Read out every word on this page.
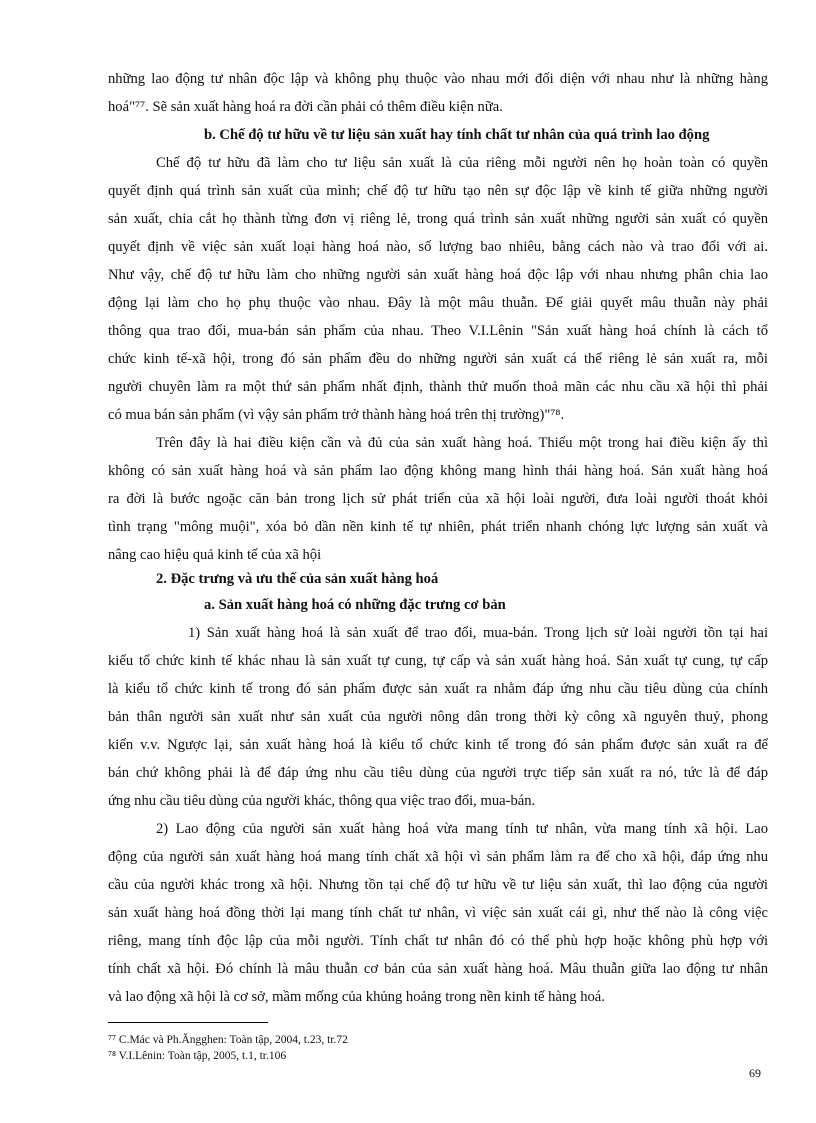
những lao động tư nhân độc lập và không phụ thuộc vào nhau mới đối diện với nhau như là những hàng
hoá"⁷⁷. Sẽ sản xuất hàng hoá ra đời cần phải có thêm điều kiện nữa.
b. Chế độ tư hữu về tư liệu sản xuất hay tính chất tư nhân của quá trình lao động
Chế độ tư hữu đã làm cho tư liệu sản xuất là của riêng mỗi người nên họ hoàn toàn có quyền
quyết định quá trình sản xuất của mình; chế độ tư hữu tạo nên sự độc lập về kinh tế giữa những người
sản xuất, chia cắt họ thành từng đơn vị riêng lẻ, trong quá trình sản xuất những người sản xuất có quyền
quyết định về việc sản xuất loại hàng hoá nào, số lượng bao nhiêu, bằng cách nào và trao đổi với ai.
Như vậy, chế độ tư hữu làm cho những người sản xuất hàng hoá độc lập với nhau nhưng phân chia lao
động lại làm cho họ phụ thuộc vào nhau. Đây là một mâu thuẫn. Để giải quyết mâu thuẫn này phải
thông qua trao đổi, mua-bán sản phẩm của nhau. Theo V.I.Lênin "Sản xuất hàng hoá chính là cách tổ
chức kinh tế-xã hội, trong đó sản phẩm đều do những người sản xuất cá thể riêng lẻ sản xuất ra, mỗi
người chuyên làm ra một thứ sản phẩm nhất định, thành thử muốn thoả mãn các nhu cầu xã hội thì phải
có mua bán sản phẩm (vì vậy sản phẩm trở thành hàng hoá trên thị trường)"⁷⁸.
Trên đây là hai điều kiện cần và đủ của sản xuất hàng hoá. Thiếu một trong hai điều kiện ấy thì
không có sản xuất hàng hoá và sản phẩm lao động không mang hình thái hàng hoá. Sản xuất hàng hoá
ra đời là bước ngoặc căn bản trong lịch sử phát triển của xã hội loài người, đưa loài người thoát khỏi
tình trạng "mông muội", xóa bỏ dần nền kinh tế tự nhiên, phát triển nhanh chóng lực lượng sản xuất và
nâng cao hiệu quả kinh tế của xã hội
2. Đặc trưng và ưu thế của sản xuất hàng hoá
a. Sản xuất hàng hoá có những đặc trưng cơ bản
1) Sản xuất hàng hoá là sản xuất để trao đổi, mua-bán. Trong lịch sử loài người tồn tại hai
kiểu tổ chức kinh tế khác nhau là sản xuất tự cung, tự cấp và sản xuất hàng hoá. Sản xuất tự cung, tự cấp
là kiểu tổ chức kinh tế trong đó sản phẩm được sản xuất ra nhằm đáp ứng nhu cầu tiêu dùng của chính
bản thân người sản xuất như sản xuất của người nông dân trong thời kỳ công xã nguyên thuỷ, phong
kiến v.v. Ngược lại, sản xuất hàng hoá là kiểu tổ chức kinh tế trong đó sản phẩm được sản xuất ra để
bán chứ không phải là để đáp ứng nhu cầu tiêu dùng của người trực tiếp sản xuất ra nó, tức là để đáp
ứng nhu cầu tiêu dùng của người khác, thông qua việc trao đổi, mua-bán.
2) Lao động của người sản xuất hàng hoá vừa mang tính tư nhân, vừa mang tính xã hội. Lao
động của người sản xuất hàng hoá mang tính chất xã hội vì sản phẩm làm ra để cho xã hội, đáp ứng nhu
cầu của người khác trong xã hội. Nhưng tồn tại chế độ tư hữu về tư liệu sản xuất, thì lao động của người
sản xuất hàng hoá đồng thời lại mang tính chất tư nhân, vì việc sản xuất cái gì, như thế nào là công việc
riêng, mang tính độc lập của mỗi người. Tính chất tư nhân đó có thể phù hợp hoặc không phù hợp với
tính chất xã hội. Đó chính là mâu thuẫn cơ bản của sản xuất hàng hoá. Mâu thuẫn giữa lao động tư nhân
và lao động xã hội là cơ sở, mầm mống của khủng hoảng trong nền kinh tế hàng hoá.
⁷⁷ C.Mác và Ph.Ăngghen: Toàn tập, 2004, t.23, tr.72
⁷⁸ V.I.Lênin: Toàn tập, 2005, t.1, tr.106
69
